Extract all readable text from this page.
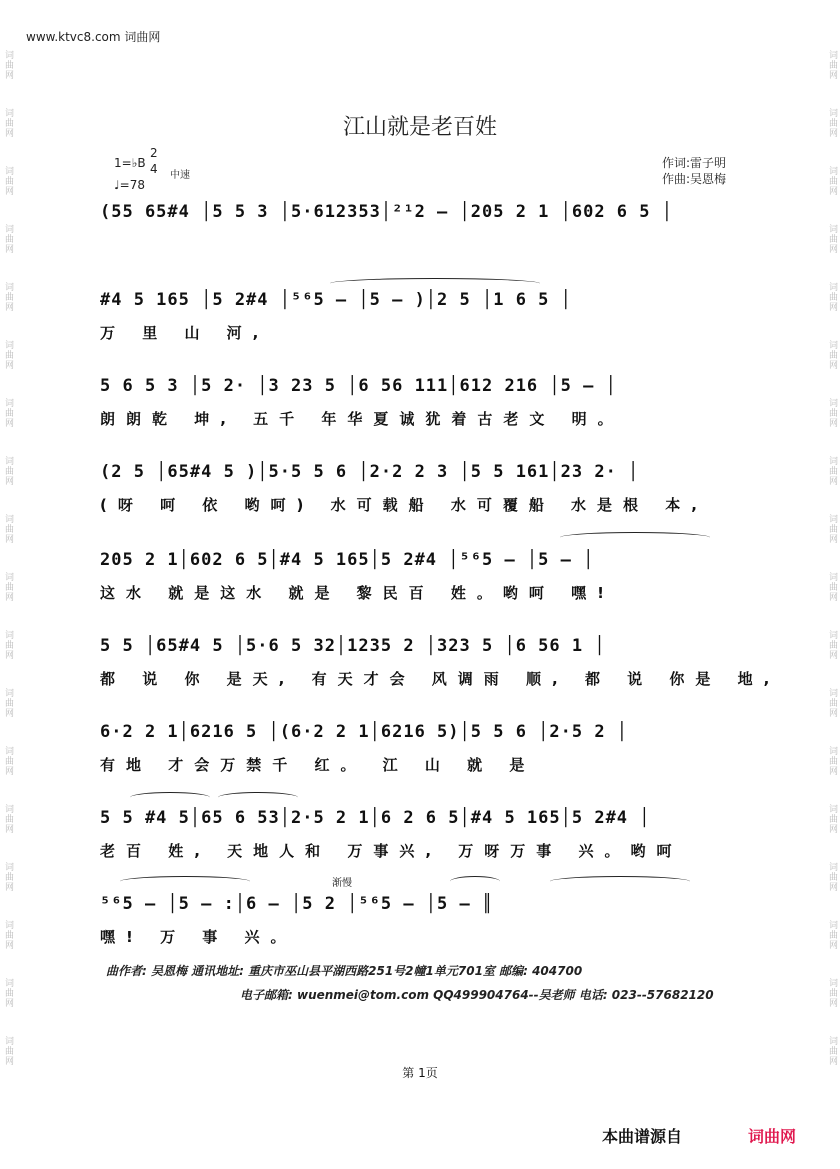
词曲网
词曲网
词曲网
词曲网
词曲网
词曲网
词曲网
词曲网
词曲网
词曲网
词曲网
词曲网
词曲网
词曲网
词曲网
词曲网
词曲网
词曲网
词曲网
词曲网
词曲网
词曲网
词曲网
词曲网
词曲网
词曲网
词曲网
词曲网
词曲网
词曲网
词曲网
词曲网
词曲网
词曲网
词曲网
词曲网
www.ktvc8.com 词曲网
江山就是老百姓
1=♭B
2
4 中速
♩=78
作词:雷子明
作曲:吴恩梅
(55 65#4 │5 5 3 │5·612353│²¹2 – │205 2 1 │602 6 5 │
#4 5 165 │5 2#4 │⁵⁶5 – │5 – )│2 5 │1 6 5 │
万 里 山 河,
5 6 5 3 │5 2· │3 23 5 │6 56 111│612 216 │5 – │
朗朗乾 坤, 五千 年华夏诚犹着古老文 明。
(2 5 │65#4 5 )│5·5 5 6 │2·2 2 3 │5 5 161│23 2· │
(呀 呵 依 哟呵) 水可载船 水可覆船 水是根 本,
205 2 1│602 6 5│#4 5 165│5 2#4 │⁵⁶5 – │5 – │
这水 就是这水 就是 黎民百 姓。哟呵 嘿!
5 5 │65#4 5 │5·6 5 32│1235 2 │323 5 │6 56 1 │
都 说 你 是天, 有天才会 风调雨 顺, 都 说 你是 地,
6·2 2 1│6216 5 │(6·2 2 1│6216 5)│5 5 6 │2·5 2 │
有地 才会万禁千 红。 江 山 就 是
5 5 #4 5│65 6 53│2·5 2 1│6 2 6 5│#4 5 165│5 2#4 │
老百 姓, 天地人和 万事兴, 万呀万事 兴。哟呵
渐慢
⁵⁶5 – │5 – :│6 – │5 2 │⁵⁶5 – │5 – ║
嘿! 万 事 兴。
曲作者: 吴恩梅 通讯地址: 重庆市巫山县平湖西路251号2幢1单元701室 邮编: 404700
电子邮箱: wuenmei@tom.com QQ499904764--吴老师 电话: 023--57682120
第 1页
本曲谱源自	词曲网
